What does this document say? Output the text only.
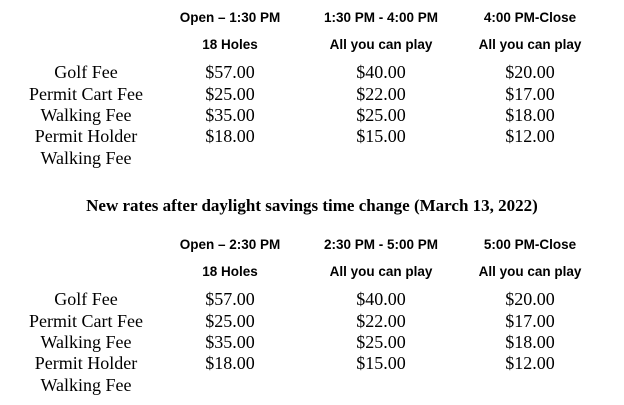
Open – 1:30 PM	1:30 PM - 4:00 PM	4:00 PM-Close
18 Holes	All you can play	All you can play
Golf Fee	$57.00	$40.00	$20.00
Permit Cart Fee	$25.00	$22.00	$17.00
Walking Fee	$35.00	$25.00	$18.00
Permit Holder	$18.00	$15.00	$12.00
Walking Fee
New rates after daylight savings time change (March 13, 2022)
Open – 2:30 PM	2:30 PM - 5:00 PM	5:00 PM-Close
18 Holes	All you can play	All you can play
Golf Fee	$57.00	$40.00	$20.00
Permit Cart Fee	$25.00	$22.00	$17.00
Walking Fee	$35.00	$25.00	$18.00
Permit Holder	$18.00	$15.00	$12.00
Walking Fee
